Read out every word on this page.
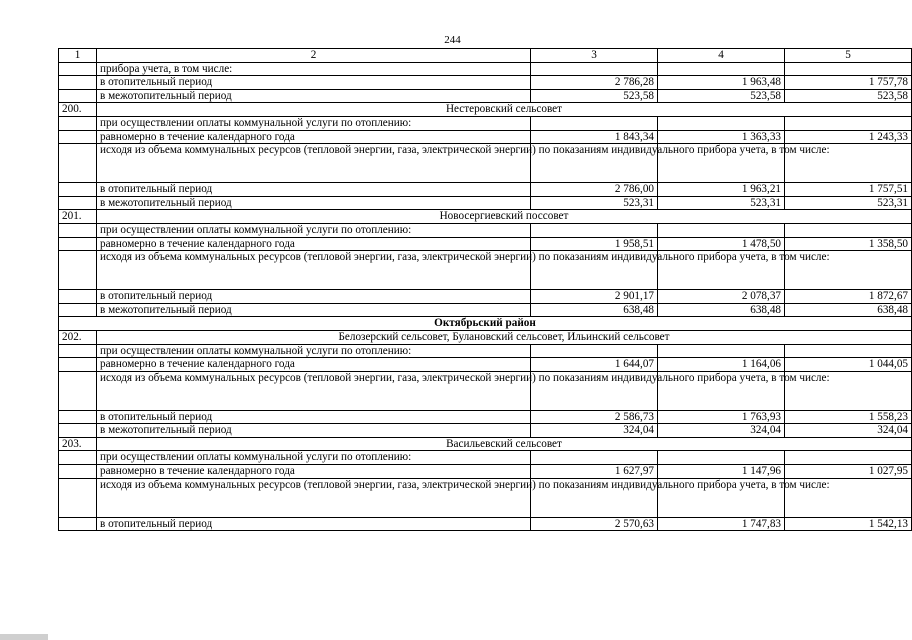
244
1	2	3	4	5
	прибора учета, в том числе:			
	в отопительный период	2 786,28	1 963,48	1 757,78
	в межотопительный период	523,58	523,58	523,58
200.	Нестеровский сельсовет			
	при осуществлении оплаты коммунальной услуги по отоплению:			
	равномерно в течение календарного года	1 843,34	1 363,33	1 243,33
	исходя из объема коммунальных ресурсов (тепловой энергии, газа, электрической энергии) по показаниям индивидуального прибора учета, в том числе:			
	в отопительный период	2 786,00	1 963,21	1 757,51
	в межотопительный период	523,31	523,31	523,31
201.	Новосергиевский поссовет			
	при осуществлении оплаты коммунальной услуги по отоплению:			
	равномерно в течение календарного года	1 958,51	1 478,50	1 358,50
	исходя из объема коммунальных ресурсов (тепловой энергии, газа, электрической энергии) по показаниям индивидуального прибора учета, в том числе:			
	в отопительный период	2 901,17	2 078,37	1 872,67
	в межотопительный период	638,48	638,48	638,48
Октябрьский район				
202.	Белозерский сельсовет, Булановский сельсовет, Ильинский сельсовет			
	при осуществлении оплаты коммунальной услуги по отоплению:			
	равномерно в течение календарного года	1 644,07	1 164,06	1 044,05
	исходя из объема коммунальных ресурсов (тепловой энергии, газа, электрической энергии) по показаниям индивидуального прибора учета, в том числе:			
	в отопительный период	2 586,73	1 763,93	1 558,23
	в межотопительный период	324,04	324,04	324,04
203.	Васильевский сельсовет			
	при осуществлении оплаты коммунальной услуги по отоплению:			
	равномерно в течение календарного года	1 627,97	1 147,96	1 027,95
	исходя из объема коммунальных ресурсов (тепловой энергии, газа, электрической энергии) по показаниям индивидуального прибора учета, в том числе:			
	в отопительный период	2 570,63	1 747,83	1 542,13
